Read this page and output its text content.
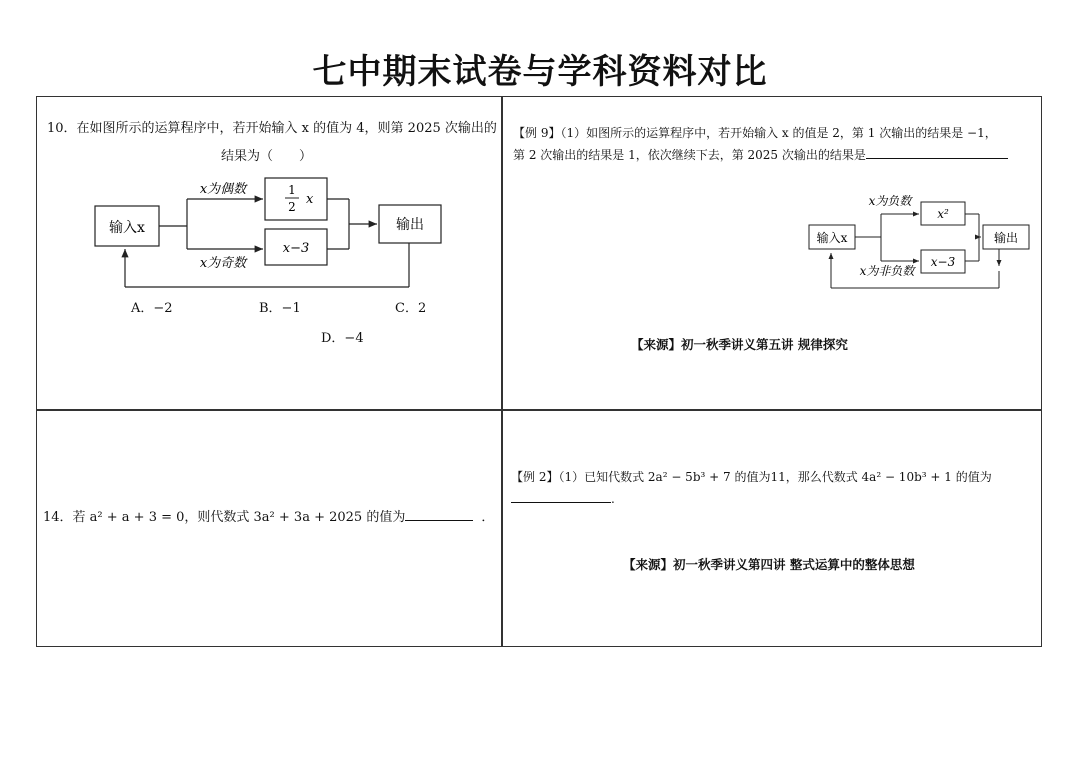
七中期末试卷与学科资料对比
10．在如图所示的运算程序中，若开始输入 x 的值为 4，则第 2025 次输出的
结果为（　　）
输入x
x为偶数
x为奇数
1
2 x
x−3
输出
A．−2	B．−1	C．2
D．−4
【例 9】（1）如图所示的运算程序中，若开始输入 x 的值是 2，第 1 次输出的结果是 −1，
第 2 次输出的结果是 1，依次继续下去，第 2025 次输出的结果是
输入x
x为负数
x为非负数
x²
x−3
输出
【来源】初一秋季讲义第五讲 规律探究
14．若 a² + a + 3 = 0，则代数式 3a² + 3a + 2025 的值为	．
【例 2】（1）已知代数式 2a² − 5b³ + 7 的值为11，那么代数式 4a² − 10b³ + 1 的值为
.
【来源】初一秋季讲义第四讲 整式运算中的整体思想
